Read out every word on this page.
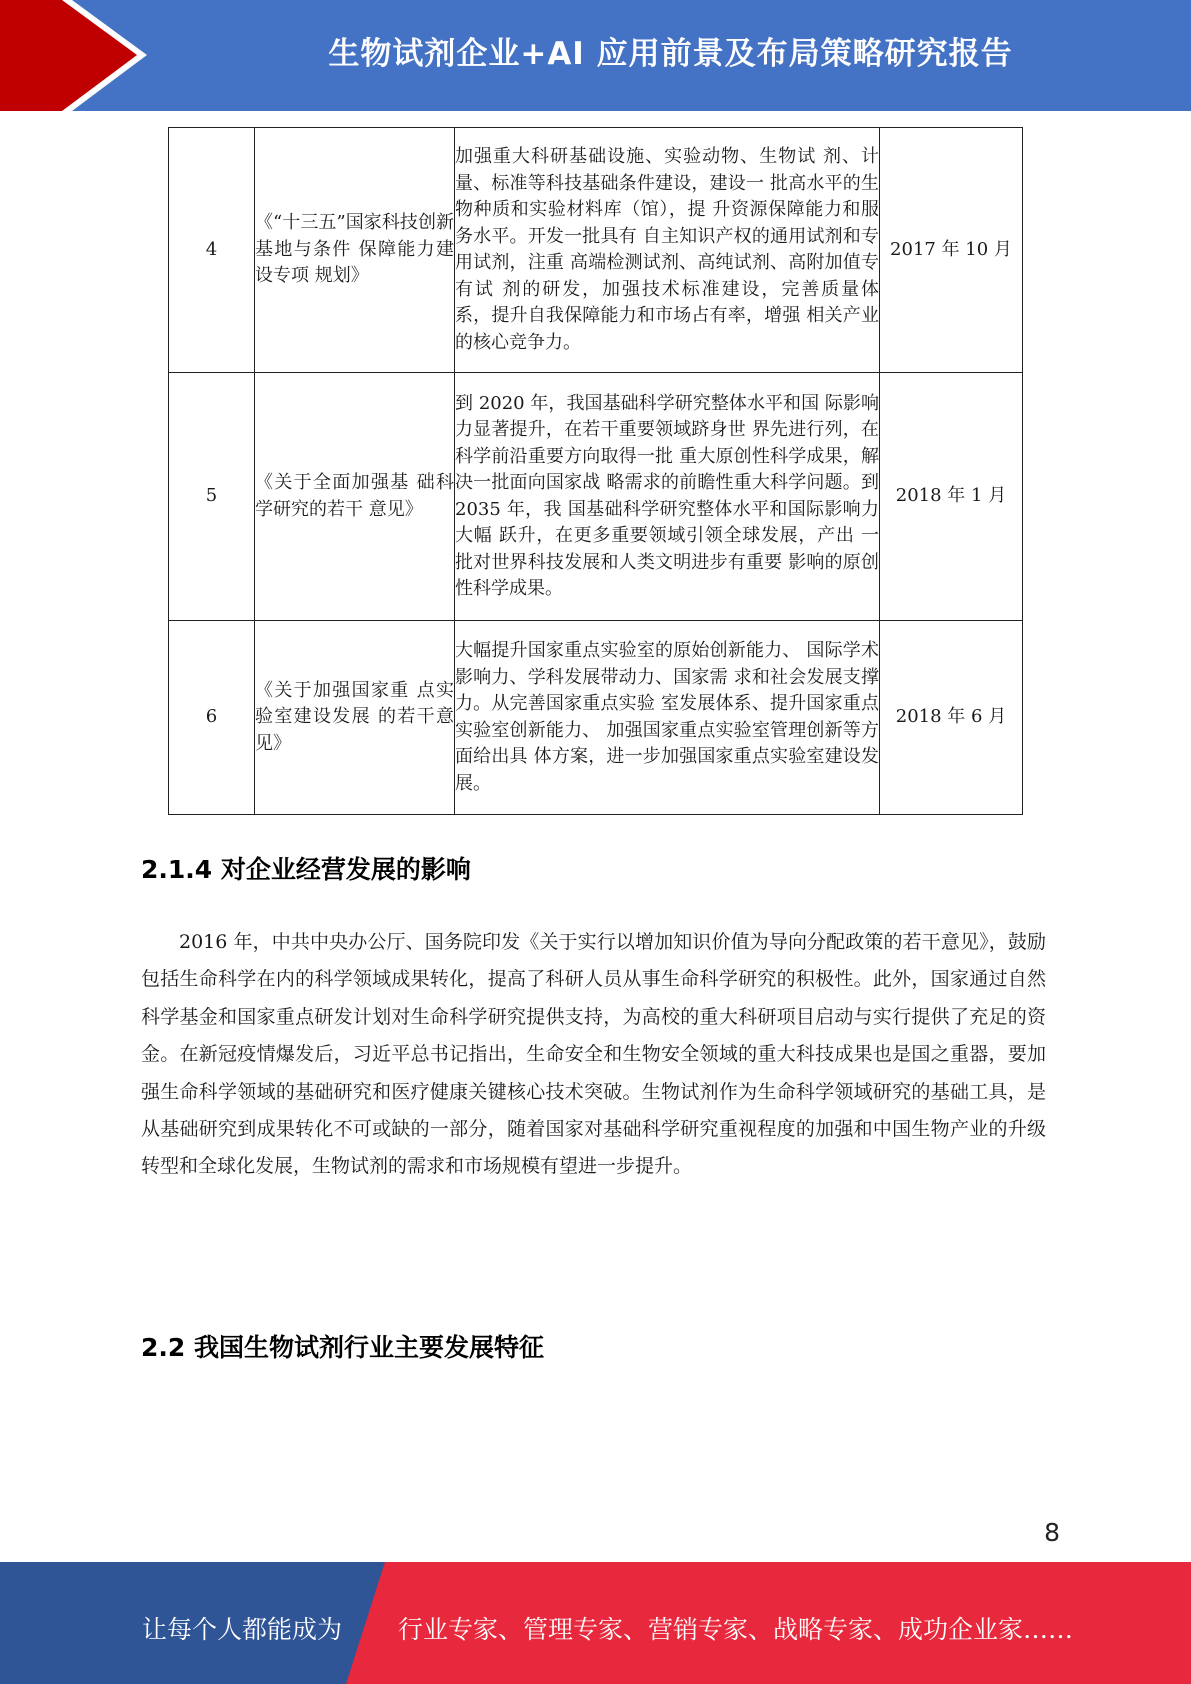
生物试剂企业+AI 应用前景及布局策略研究报告
4	《“十三五”国家科技创新基地与条件 保障能力建设专项 规划》	加强重大科研基础设施、实验动物、生物试 剂、计量、标准等科技基础条件建设，建设一 批高水平的生物种质和实验材料库（馆），提 升资源保障能力和服务水平。开发一批具有 自主知识产权的通用试剂和专用试剂，注重 高端检测试剂、高纯试剂、高附加值专有试 剂的研发，加强技术标准建设，完善质量体 系，提升自我保障能力和市场占有率，增强 相关产业的核心竞争力。	2017 年 10 月
5	《关于全面加强基 础科学研究的若干 意见》	到 2020 年，我国基础科学研究整体水平和国 际影响力显著提升，在若干重要领域跻身世 界先进行列，在科学前沿重要方向取得一批 重大原创性科学成果，解决一批面向国家战 略需求的前瞻性重大科学问题。到 2035 年，我 国基础科学研究整体水平和国际影响力大幅 跃升，在更多重要领域引领全球发展，产出 一批对世界科技发展和人类文明进步有重要 影响的原创性科学成果。	2018 年 1 月
6	《关于加强国家重 点实验室建设发展 的若干意见》	大幅提升国家重点实验室的原始创新能力、 国际学术影响力、学科发展带动力、国家需 求和社会发展支撑力。从完善国家重点实验 室发展体系、提升国家重点实验室创新能力、 加强国家重点实验室管理创新等方面给出具 体方案，进一步加强国家重点实验室建设发 展。	2018 年 6 月
2.1.4 对企业经营发展的影响

2016 年，中共中央办公厅、国务院印发《关于实行以增加知识价值为导向分配政策的若干意见》，鼓励包括生命科学在内的科学领域成果转化，提高了科研人员从事生命科学研究的积极性。此外，国家通过自然科学基金和国家重点研发计划对生命科学研究提供支持，为高校的重大科研项目启动与实行提供了充足的资金。在新冠疫情爆发后，习近平总书记指出，生命安全和生物安全领域的重大科技成果也是国之重器，要加强生命科学领域的基础研究和医疗健康关键核心技术突破。生物试剂作为生命科学领域研究的基础工具，是从基础研究到成果转化不可或缺的一部分，随着国家对基础科学研究重视程度的加强和中国生物产业的升级转型和全球化发展，生物试剂的需求和市场规模有望进一步提升。

2.2 我国生物试剂行业主要发展特征
8
让每个人都能成为 行业专家、管理专家、营销专家、战略专家、成功企业家……
